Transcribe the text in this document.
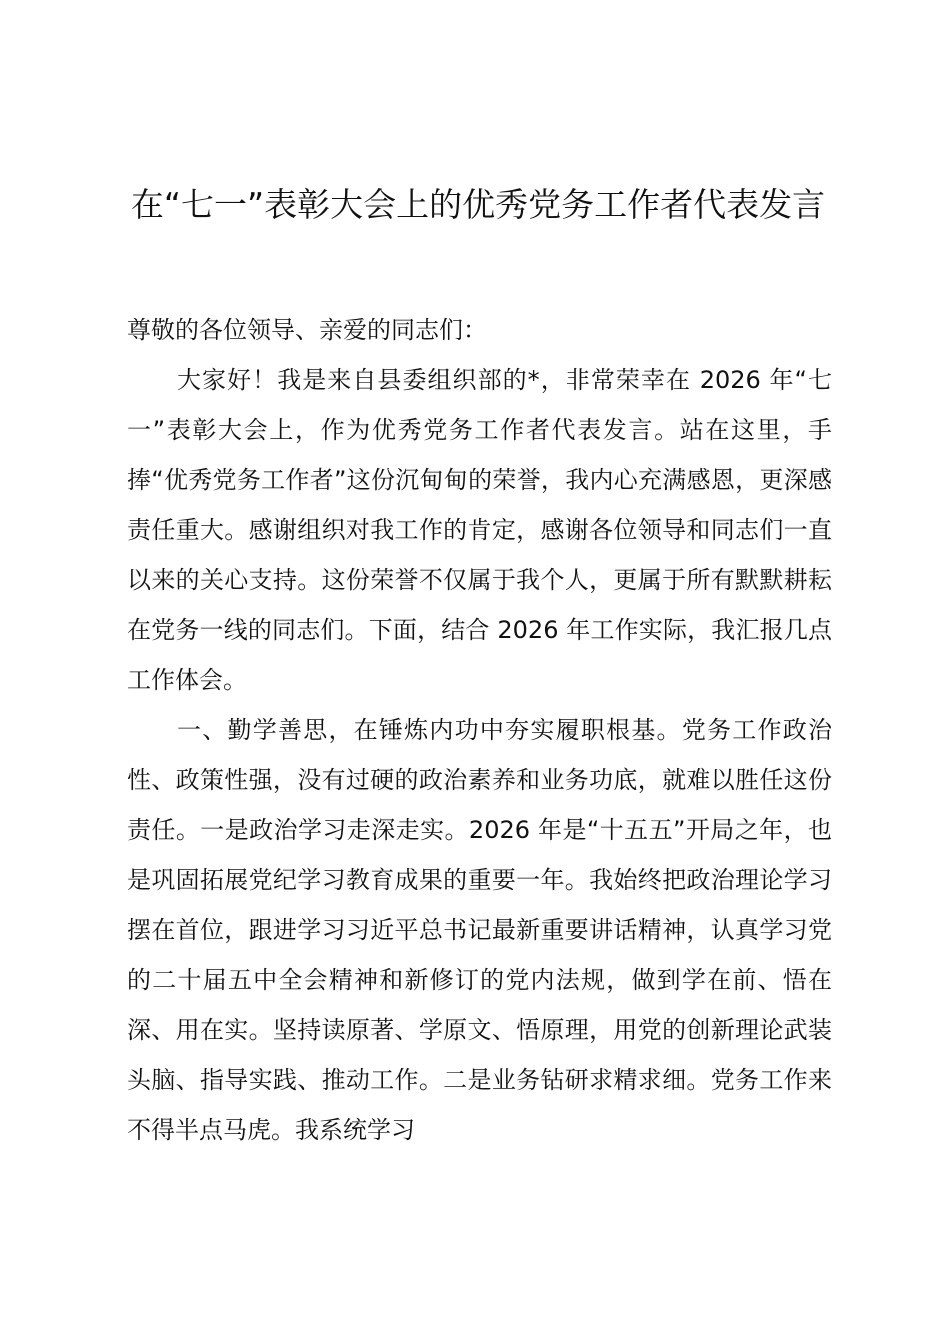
在“七一”表彰大会上的优秀党务工作者代表发言

尊敬的各位领导、亲爱的同志们：

大家好！我是来自县委组织部的*，非常荣幸在 2026 年“七一”表彰大会上，作为优秀党务工作者代表发言。站在这里，手捧“优秀党务工作者”这份沉甸甸的荣誉，我内心充满感恩，更深感责任重大。感谢组织对我工作的肯定，感谢各位领导和同志们一直以来的关心支持。这份荣誉不仅属于我个人，更属于所有默默耕耘在党务一线的同志们。下面，结合 2026 年工作实际，我汇报几点工作体会。

一、勤学善思，在锤炼内功中夯实履职根基。党务工作政治性、政策性强，没有过硬的政治素养和业务功底，就难以胜任这份责任。一是政治学习走深走实。2026 年是“十五五”开局之年，也是巩固拓展党纪学习教育成果的重要一年。我始终把政治理论学习摆在首位，跟进学习习近平总书记最新重要讲话精神，认真学习党的二十届五中全会精神和新修订的党内法规，做到学在前、悟在深、用在实。坚持读原著、学原文、悟原理，用党的创新理论武装头脑、指导实践、推动工作。二是业务钻研求精求细。党务工作来不得半点马虎。我系统学习
